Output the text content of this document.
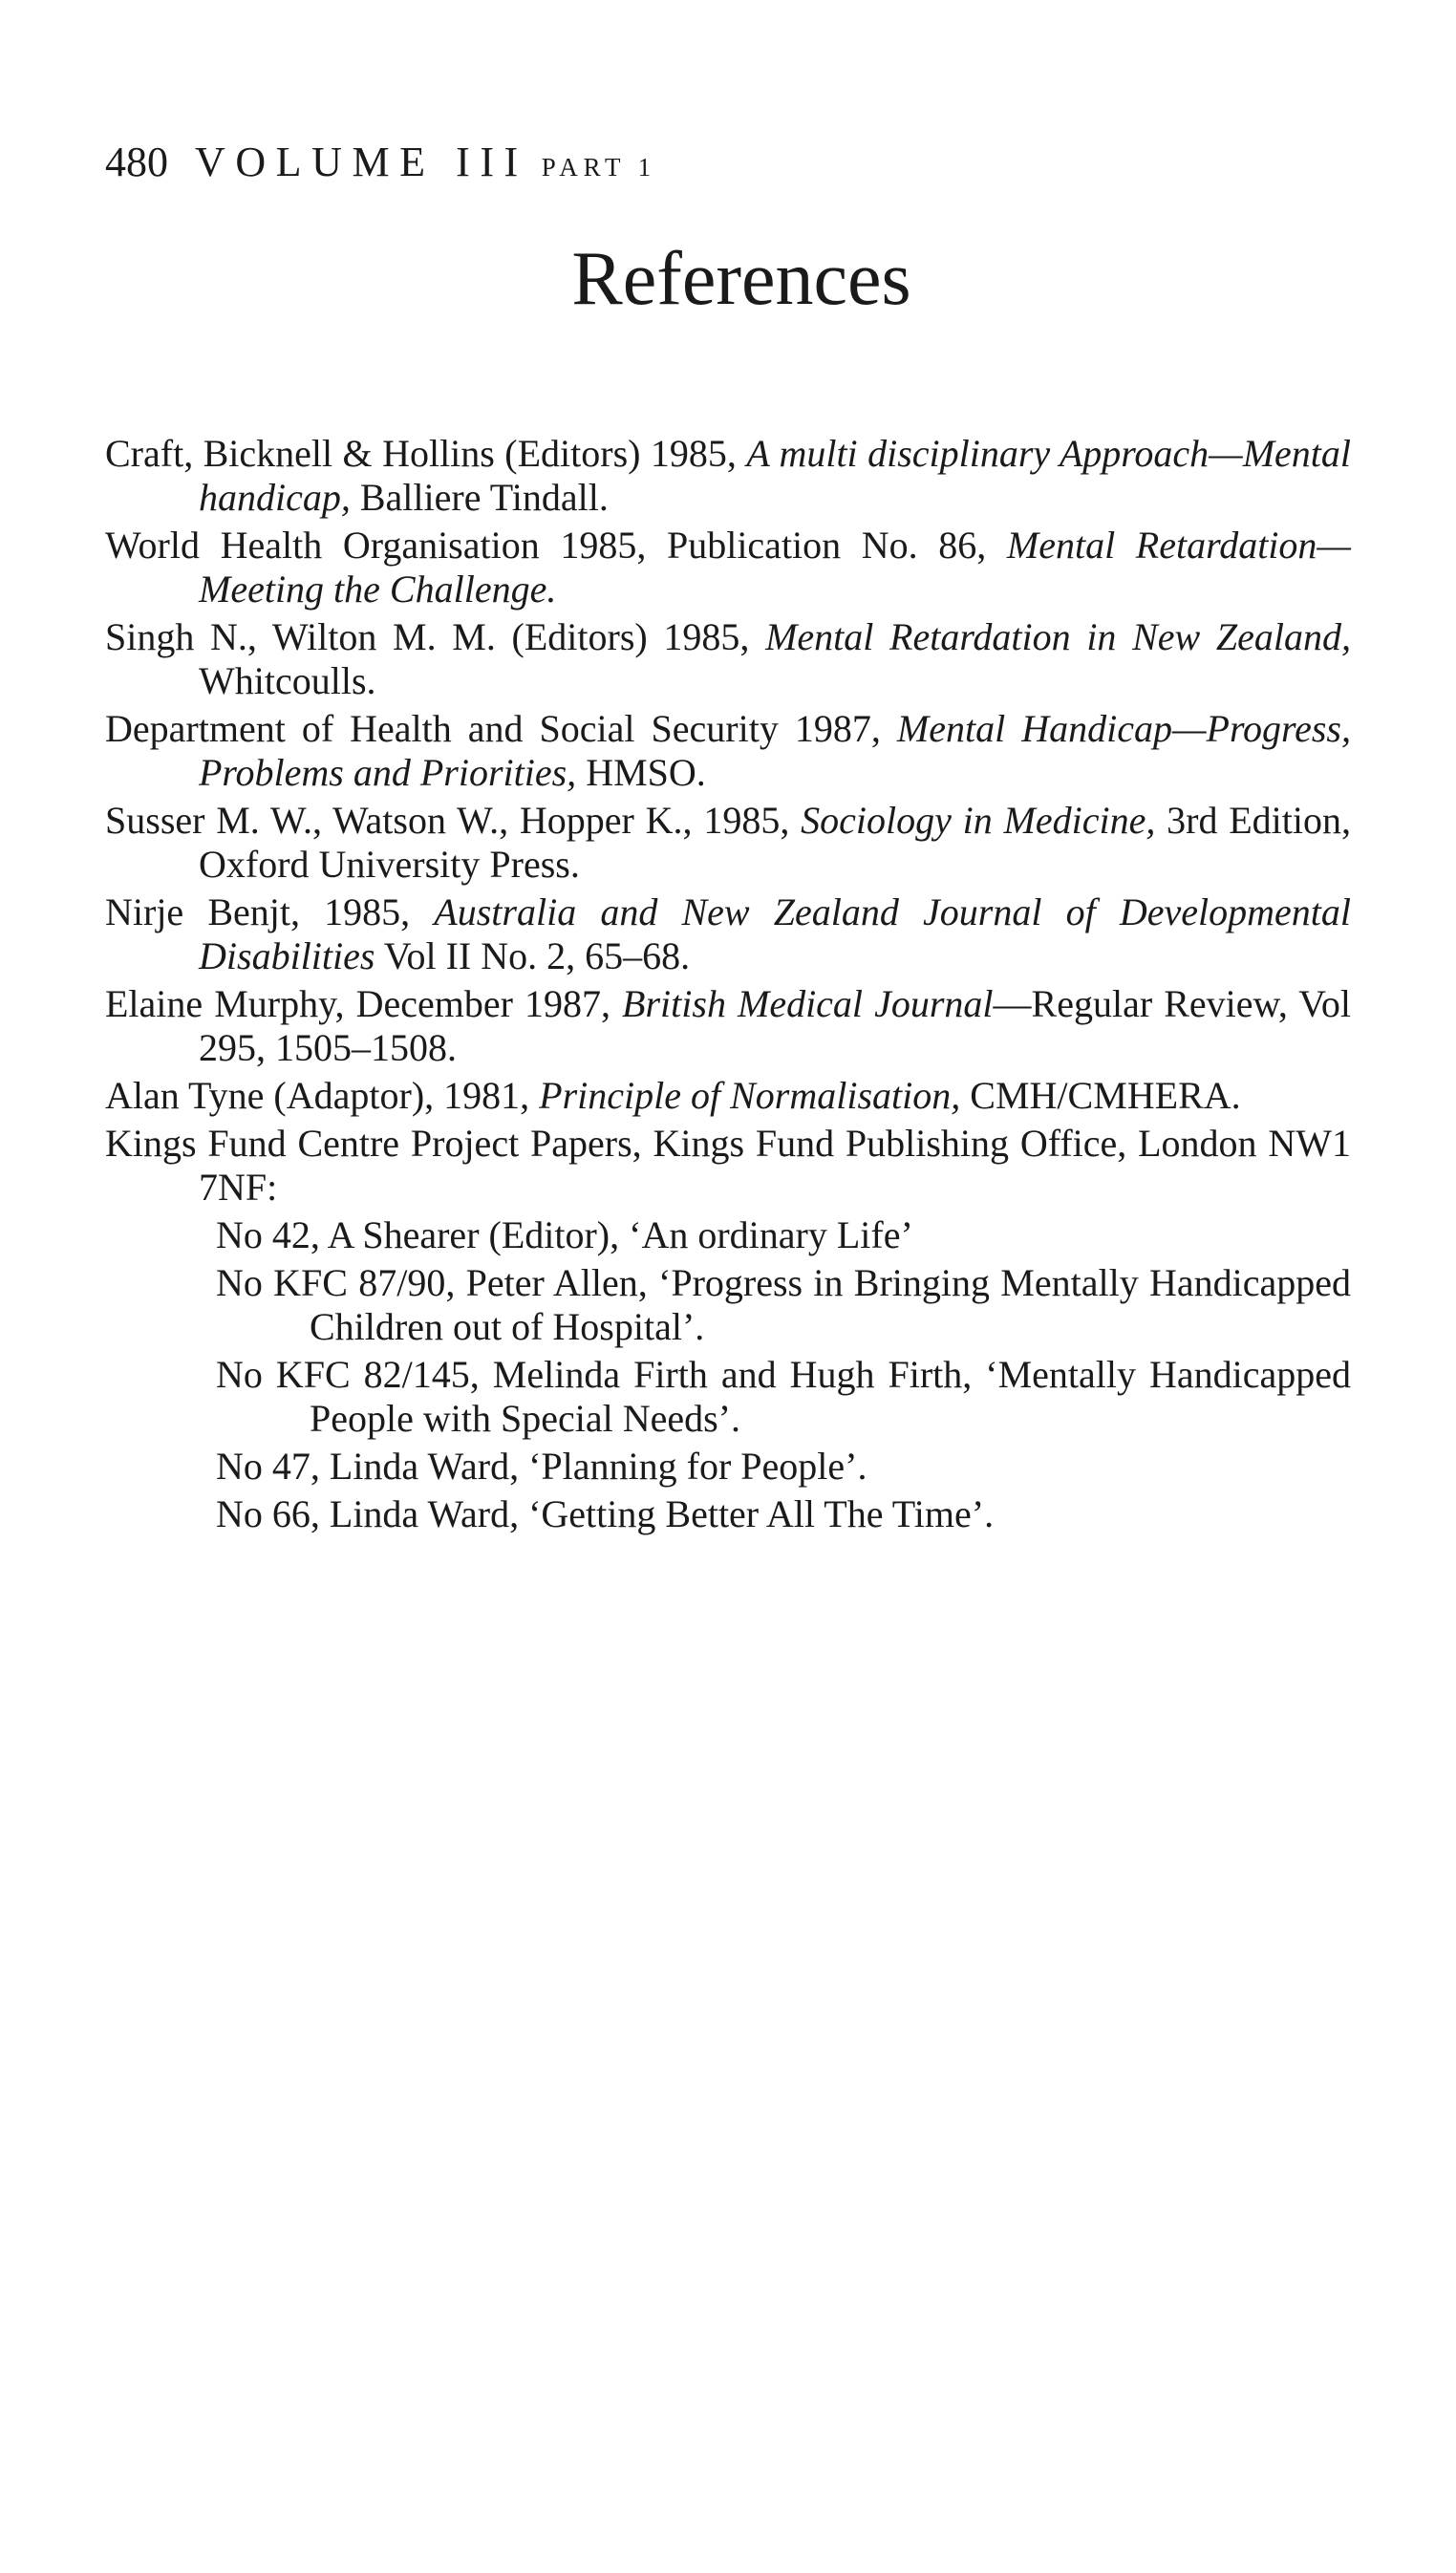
480 VOLUME III PART 1
References
Craft, Bicknell & Hollins (Editors) 1985, A multi disciplinary Approach—Mental handicap, Balliere Tindall.
World Health Organisation 1985, Publication No. 86, Mental Retardation—Meeting the Challenge.
Singh N., Wilton M. M. (Editors) 1985, Mental Retardation in New Zealand, Whitcoulls.
Department of Health and Social Security 1987, Mental Handicap—Progress, Problems and Priorities, HMSO.
Susser M. W., Watson W., Hopper K., 1985, Sociology in Medicine, 3rd Edition, Oxford University Press.
Nirje Benjt, 1985, Australia and New Zealand Journal of Developmental Disabilities Vol II No. 2, 65–68.
Elaine Murphy, December 1987, British Medical Journal—Regular Review, Vol 295, 1505–1508.
Alan Tyne (Adaptor), 1981, Principle of Normalisation, CMH/CMHERA.
Kings Fund Centre Project Papers, Kings Fund Publishing Office, London NW1 7NF:
No 42, A Shearer (Editor), ‘An ordinary Life’
No KFC 87/90, Peter Allen, ‘Progress in Bringing Mentally Handicapped Children out of Hospital’.
No KFC 82/145, Melinda Firth and Hugh Firth, ‘Mentally Handicapped People with Special Needs’.
No 47, Linda Ward, ‘Planning for People’.
No 66, Linda Ward, ‘Getting Better All The Time’.
